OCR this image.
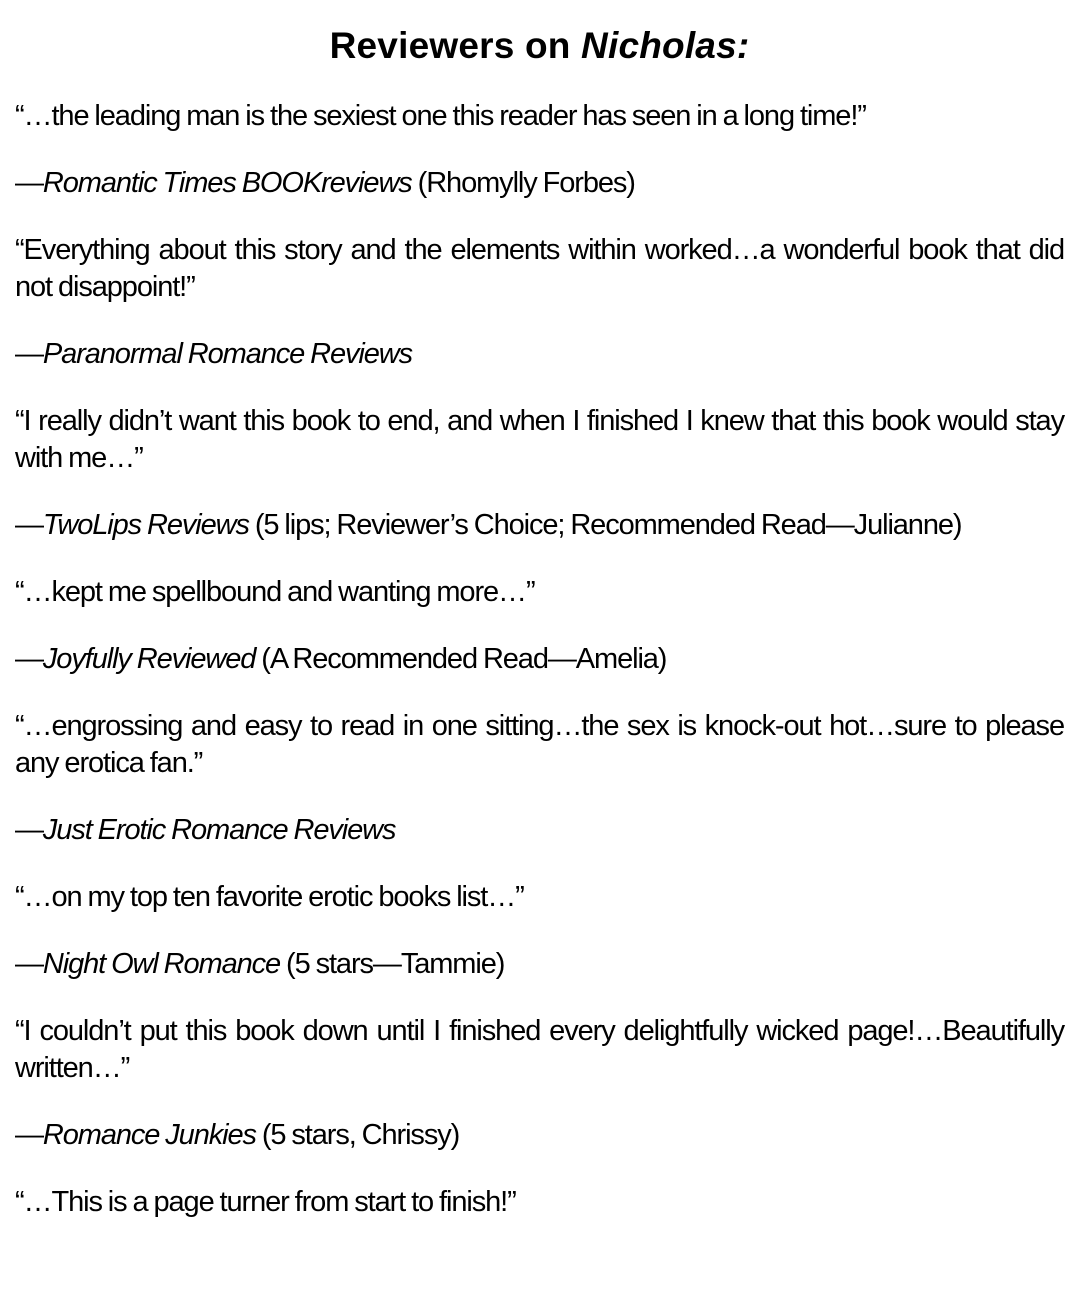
Reviewers on Nicholas:

“…the leading man is the sexiest one this reader has seen in a long time!”

—Romantic Times BOOKreviews (Rhomylly Forbes)

“Everything about this story and the elements within worked…a wonderful book that did not disappoint!”

—Paranormal Romance Reviews

“I really didn’t want this book to end, and when I finished I knew that this book would stay with me…”

—TwoLips Reviews (5 lips; Reviewer’s Choice; Recommended Read—Julianne)

“…kept me spellbound and wanting more…”

—Joyfully Reviewed (A Recommended Read—Amelia)

“…engrossing and easy to read in one sitting…the sex is knock-out hot…sure to please any erotica fan.”

—Just Erotic Romance Reviews

“…on my top ten favorite erotic books list…”

—Night Owl Romance (5 stars—Tammie)

“I couldn’t put this book down until I finished every delightfully wicked page!…Beautifully written…”

—Romance Junkies (5 stars, Chrissy)

“…This is a page turner from start to finish!”
